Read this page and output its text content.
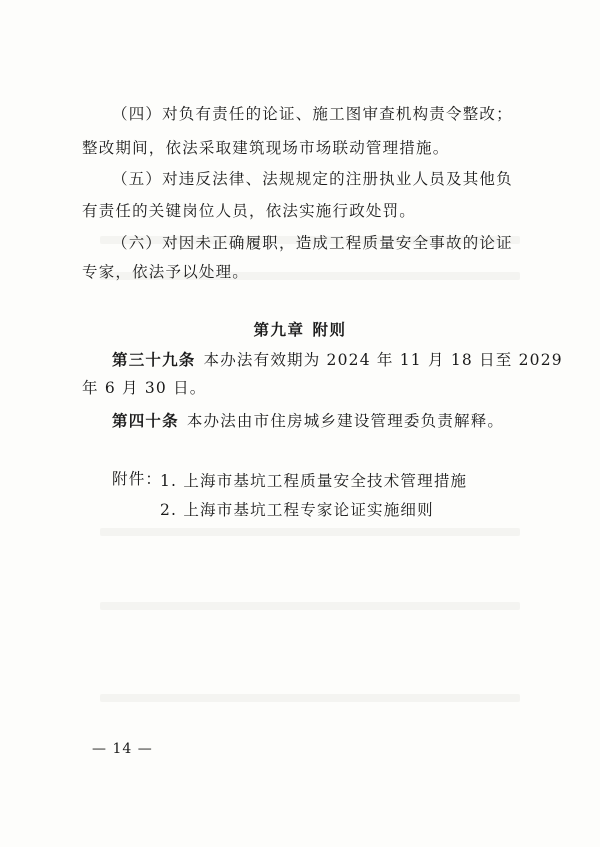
（四）对负有责任的论证、施工图审查机构责令整改；
整改期间，依法采取建筑现场市场联动管理措施。
（五）对违反法律、法规规定的注册执业人员及其他负
有责任的关键岗位人员，依法实施行政处罚。
（六）对因未正确履职，造成工程质量安全事故的论证
专家，依法予以处理。
第九章 附则
第三十九条 本办法有效期为 2024 年 11 月 18 日至 2029
年 6 月 30 日。
第四十条 本办法由市住房城乡建设管理委负责解释。
附件：
1. 上海市基坑工程质量安全技术管理措施
2. 上海市基坑工程专家论证实施细则
— 14 —
